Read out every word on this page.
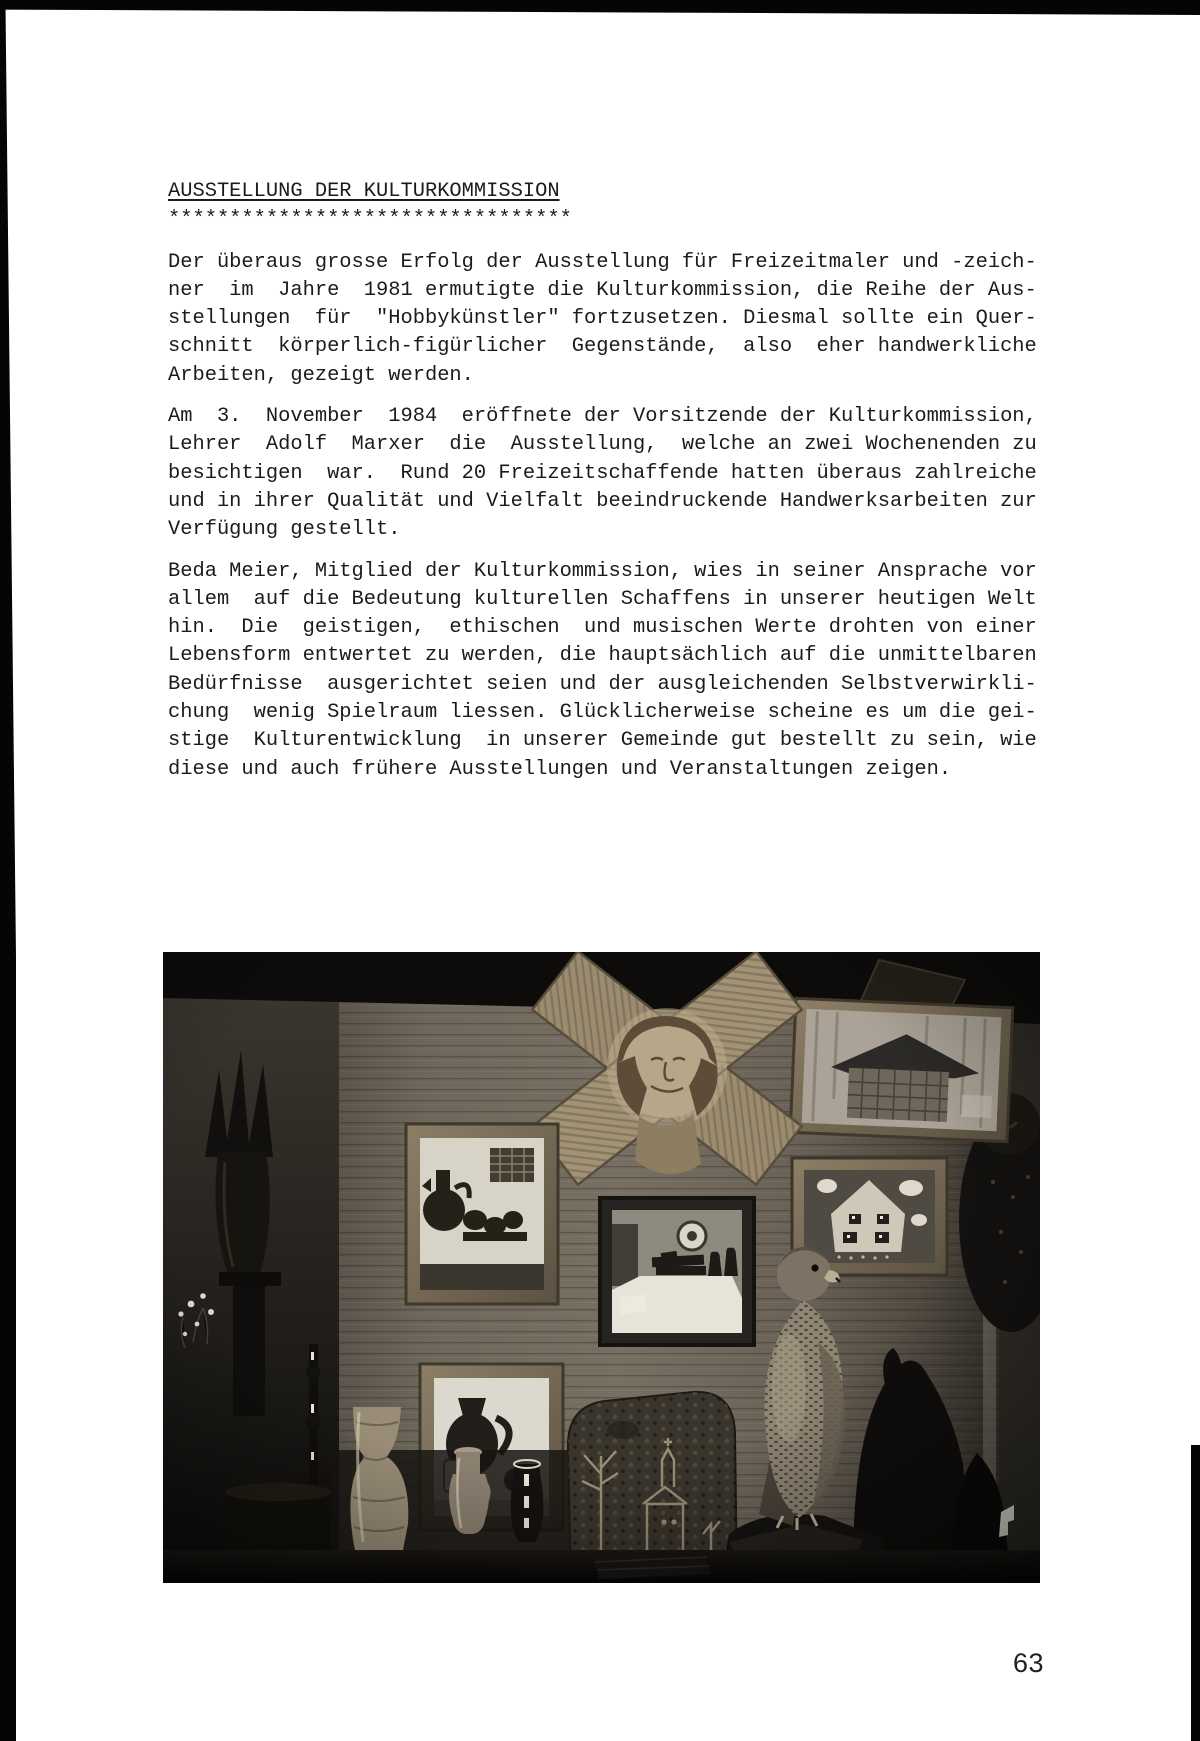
AUSSTELLUNG DER KULTURKOMMISSION
*********************************
Der überaus grosse Erfolg der Ausstellung für Freizeitmaler und -zeich-
ner  im  Jahre  1981 ermutigte die Kulturkommission, die Reihe der Aus-
stellungen  für  "Hobbykünstler" fortzusetzen. Diesmal sollte ein Quer-
schnitt  körperlich-figürlicher  Gegenstände,  also  eher handwerkliche
Arbeiten, gezeigt werden.
Am  3.  November  1984  eröffnete der Vorsitzende der Kulturkommission,
Lehrer  Adolf  Marxer  die  Ausstellung,  welche an zwei Wochenenden zu
besichtigen  war.  Rund 20 Freizeitschaffende hatten überaus zahlreiche
und in ihrer Qualität und Vielfalt beeindruckende Handwerksarbeiten zur
Verfügung gestellt.
Beda Meier, Mitglied der Kulturkommission, wies in seiner Ansprache vor
allem  auf die Bedeutung kulturellen Schaffens in unserer heutigen Welt
hin.  Die  geistigen,  ethischen  und musischen Werte drohten von einer
Lebensform entwertet zu werden, die hauptsächlich auf die unmittelbaren
Bedürfnisse  ausgerichtet seien und der ausgleichenden Selbstverwirkli-
chung  wenig Spielraum liessen. Glücklicherweise scheine es um die gei-
stige  Kulturentwicklung  in unserer Gemeinde gut bestellt zu sein, wie
diese und auch frühere Ausstellungen und Veranstaltungen zeigen.
63
